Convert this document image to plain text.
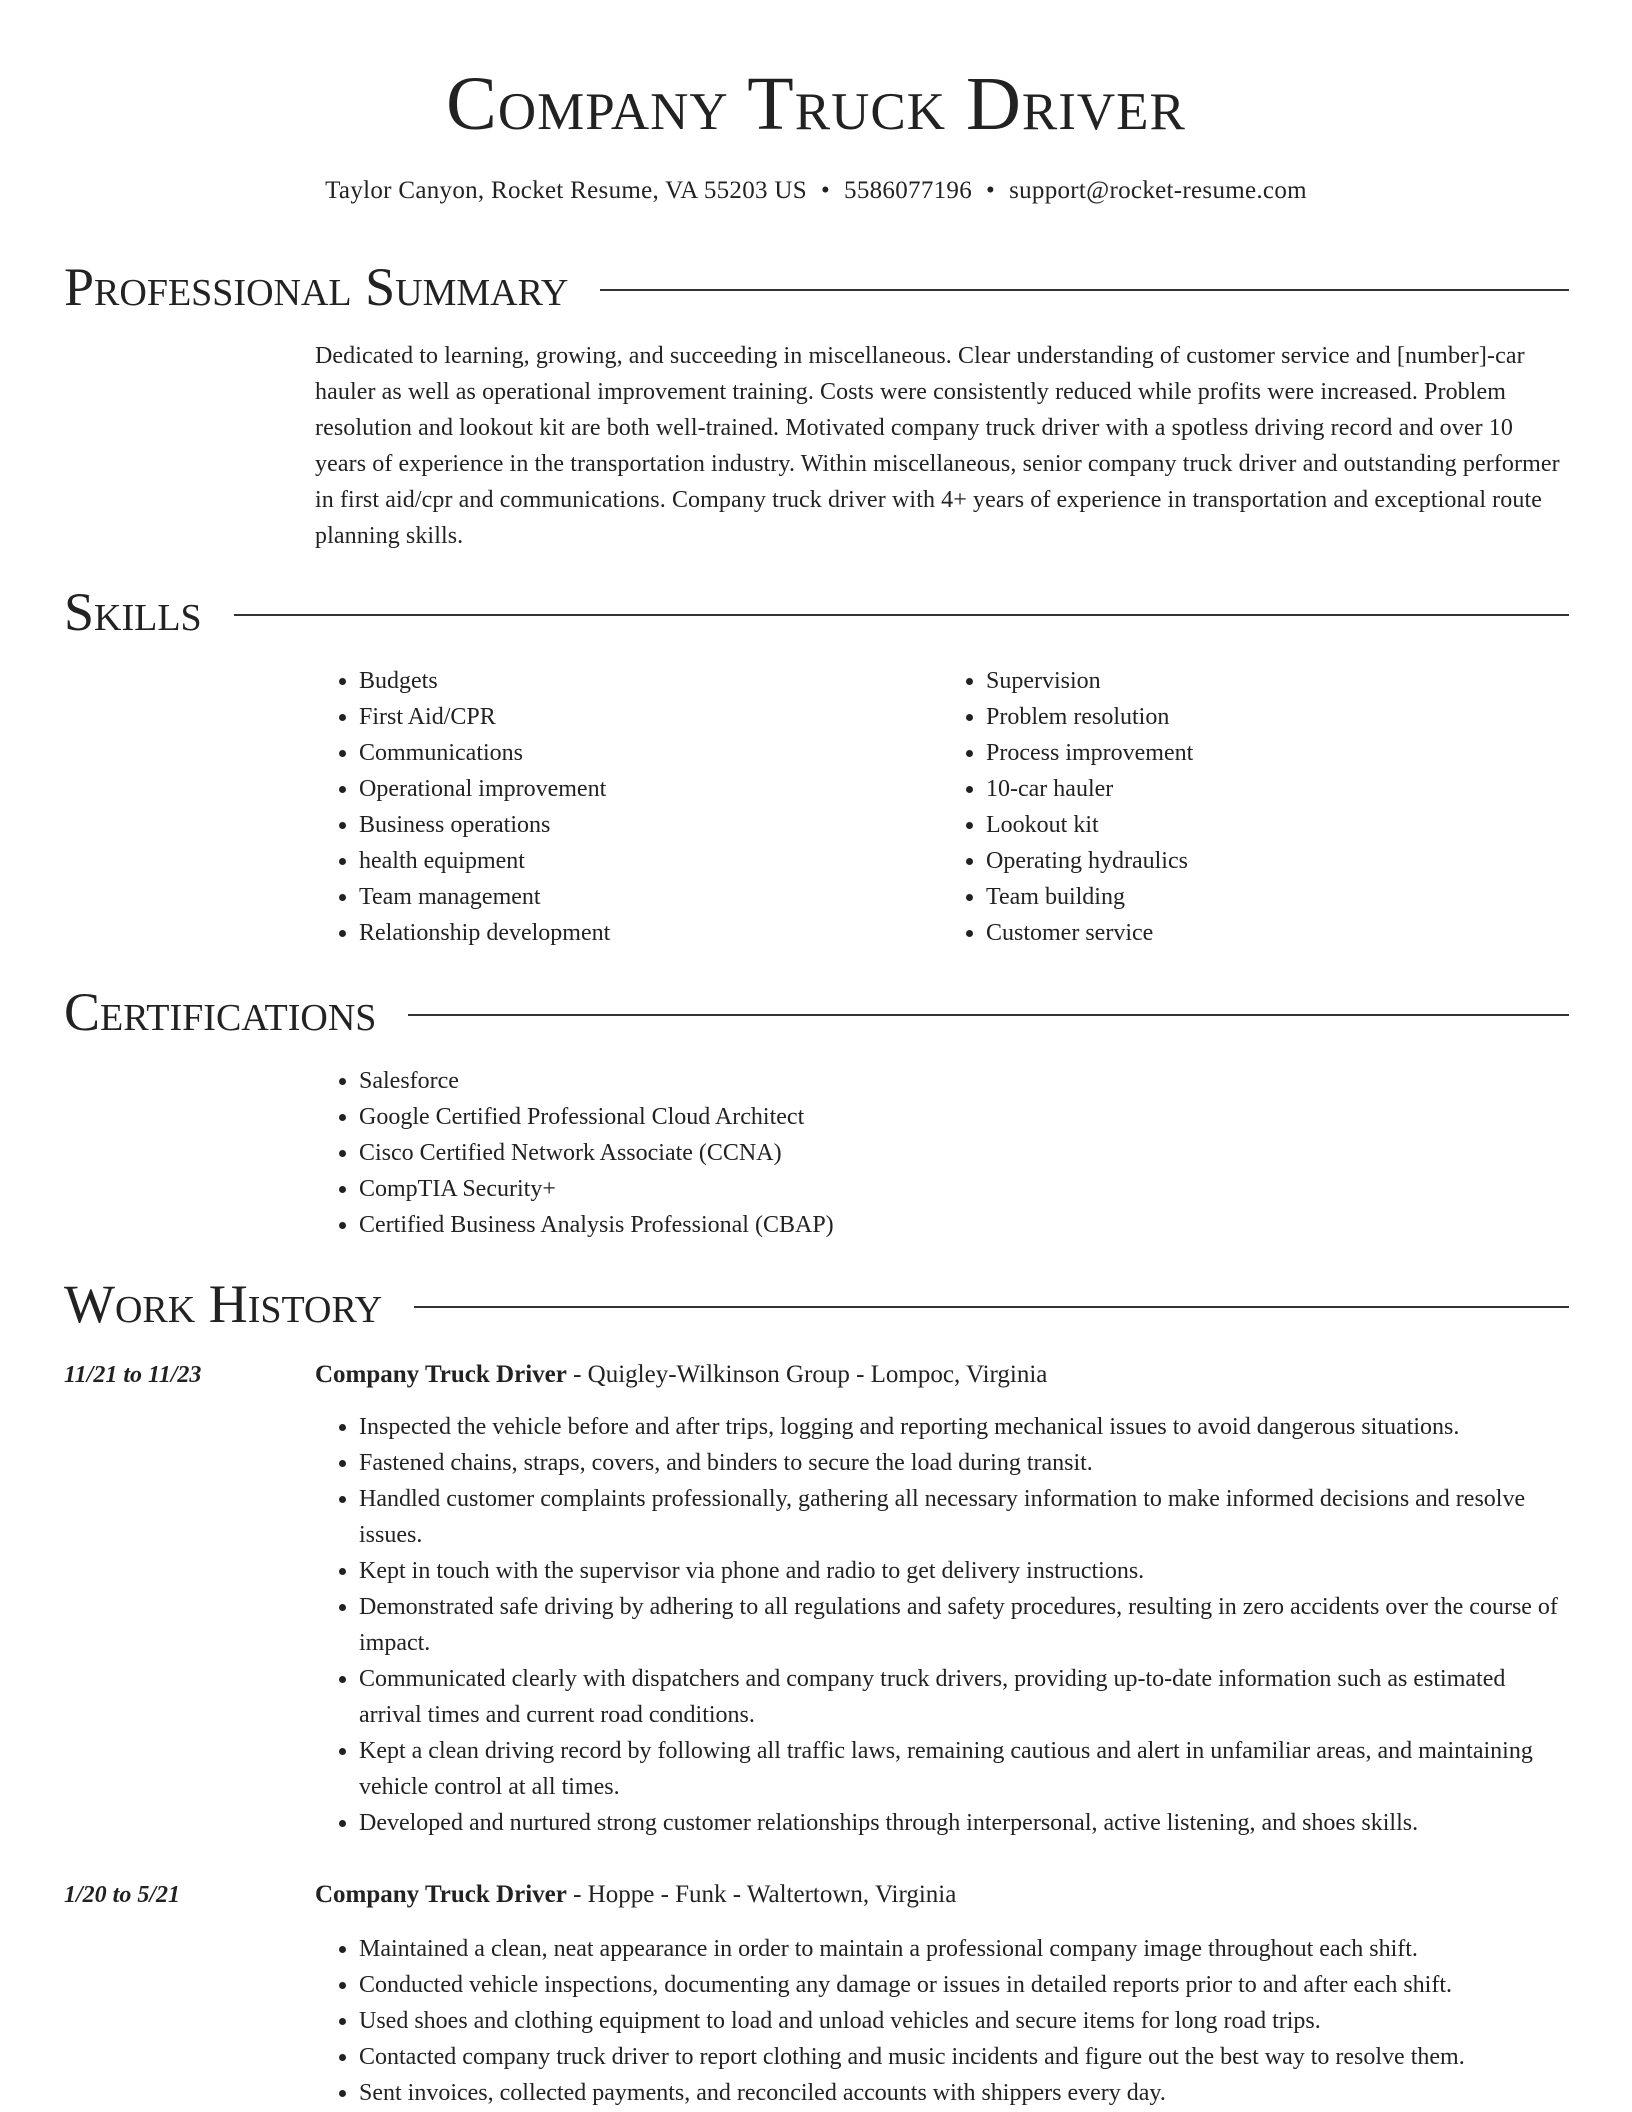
Company Truck Driver
Taylor Canyon, Rocket Resume, VA 55203 US • 5586077196 • support@rocket-resume.com
Professional Summary

Dedicated to learning, growing, and succeeding in miscellaneous. Clear understanding of customer service and [number]-car hauler as well as operational improvement training. Costs were consistently reduced while profits were increased. Problem resolution and lookout kit are both well-trained. Motivated company truck driver with a spotless driving record and over 10 years of experience in the transportation industry. Within miscellaneous, senior company truck driver and outstanding performer in first aid/cpr and communications. Company truck driver with 4+ years of experience in transportation and exceptional route planning skills.

Skills
• Budgets
• First Aid/CPR
• Communications
• Operational improvement
• Business operations
• health equipment
• Team management
• Relationship development
• Supervision
• Problem resolution
• Process improvement
• 10-car hauler
• Lookout kit
• Operating hydraulics
• Team building
• Customer service
Certifications
• Salesforce
• Google Certified Professional Cloud Architect
• Cisco Certified Network Associate (CCNA)
• CompTIA Security+
• Certified Business Analysis Professional (CBAP)
Work History
11/21 to 11/23	Company Truck Driver - Quigley-Wilkinson Group - Lompoc, Virginia
• Inspected the vehicle before and after trips, logging and reporting mechanical issues to avoid dangerous situations.
• Fastened chains, straps, covers, and binders to secure the load during transit.
• Handled customer complaints professionally, gathering all necessary information to make informed decisions and resolve issues.
• Kept in touch with the supervisor via phone and radio to get delivery instructions.
• Demonstrated safe driving by adhering to all regulations and safety procedures, resulting in zero accidents over the course of impact.
• Communicated clearly with dispatchers and company truck drivers, providing up-to-date information such as estimated arrival times and current road conditions.
• Kept a clean driving record by following all traffic laws, remaining cautious and alert in unfamiliar areas, and maintaining vehicle control at all times.
• Developed and nurtured strong customer relationships through interpersonal, active listening, and shoes skills.
1/20 to 5/21	Company Truck Driver - Hoppe - Funk - Waltertown, Virginia
• Maintained a clean, neat appearance in order to maintain a professional company image throughout each shift.
• Conducted vehicle inspections, documenting any damage or issues in detailed reports prior to and after each shift.
• Used shoes and clothing equipment to load and unload vehicles and secure items for long road trips.
• Contacted company truck driver to report clothing and music incidents and figure out the best way to resolve them.
• Sent invoices, collected payments, and reconciled accounts with shippers every day.
